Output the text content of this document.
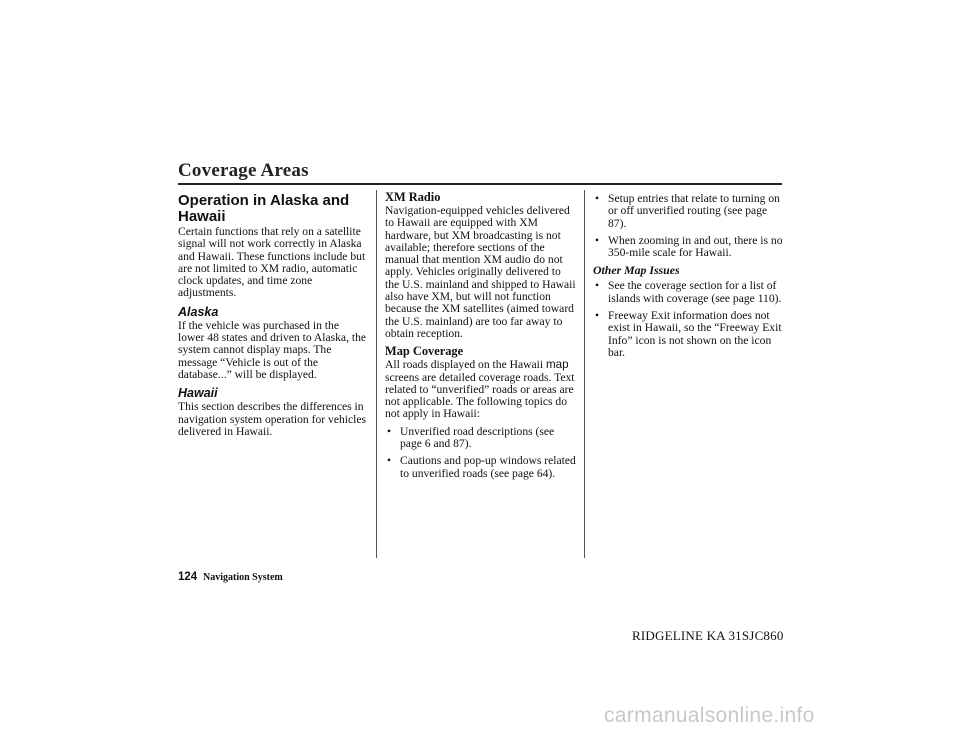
Coverage Areas
Operation in Alaska and Hawaii

Certain functions that rely on a satellite signal will not work correctly in Alaska and Hawaii. These functions include but are not limited to XM radio, automatic clock updates, and time zone adjustments.

Alaska

If the vehicle was purchased in the lower 48 states and driven to Alaska, the system cannot display maps. The message “Vehicle is out of the database...” will be displayed.

Hawaii

This section describes the differences in navigation system operation for vehicles delivered in Hawaii.

XM Radio

Navigation-equipped vehicles delivered to Hawaii are equipped with XM hardware, but XM broadcasting is not available; therefore sections of the manual that mention XM audio do not apply. Vehicles originally delivered to the U.S. mainland and shipped to Hawaii also have XM, but will not function because the XM satellites (aimed toward the U.S. mainland) are too far away to obtain reception.

Map Coverage

All roads displayed on the Hawaii map screens are detailed coverage roads. Text related to “unverified” roads or areas are not applicable. The following topics do not apply in Hawaii:

• Unverified road descriptions (see page 6 and 87).
• Cautions and pop-up windows related to unverified roads (see page 64).
• Setup entries that relate to turning on or off unverified routing (see page 87).
• When zooming in and out, there is no 350-mile scale for Hawaii.
Other Map Issues
• See the coverage section for a list of islands with coverage (see page 110).
• Freeway Exit information does not exist in Hawaii, so the “Freeway Exit Info” icon is not shown on the icon bar.
124 Navigation System
RIDGELINE KA 31SJC860
carmanualsonline.info
